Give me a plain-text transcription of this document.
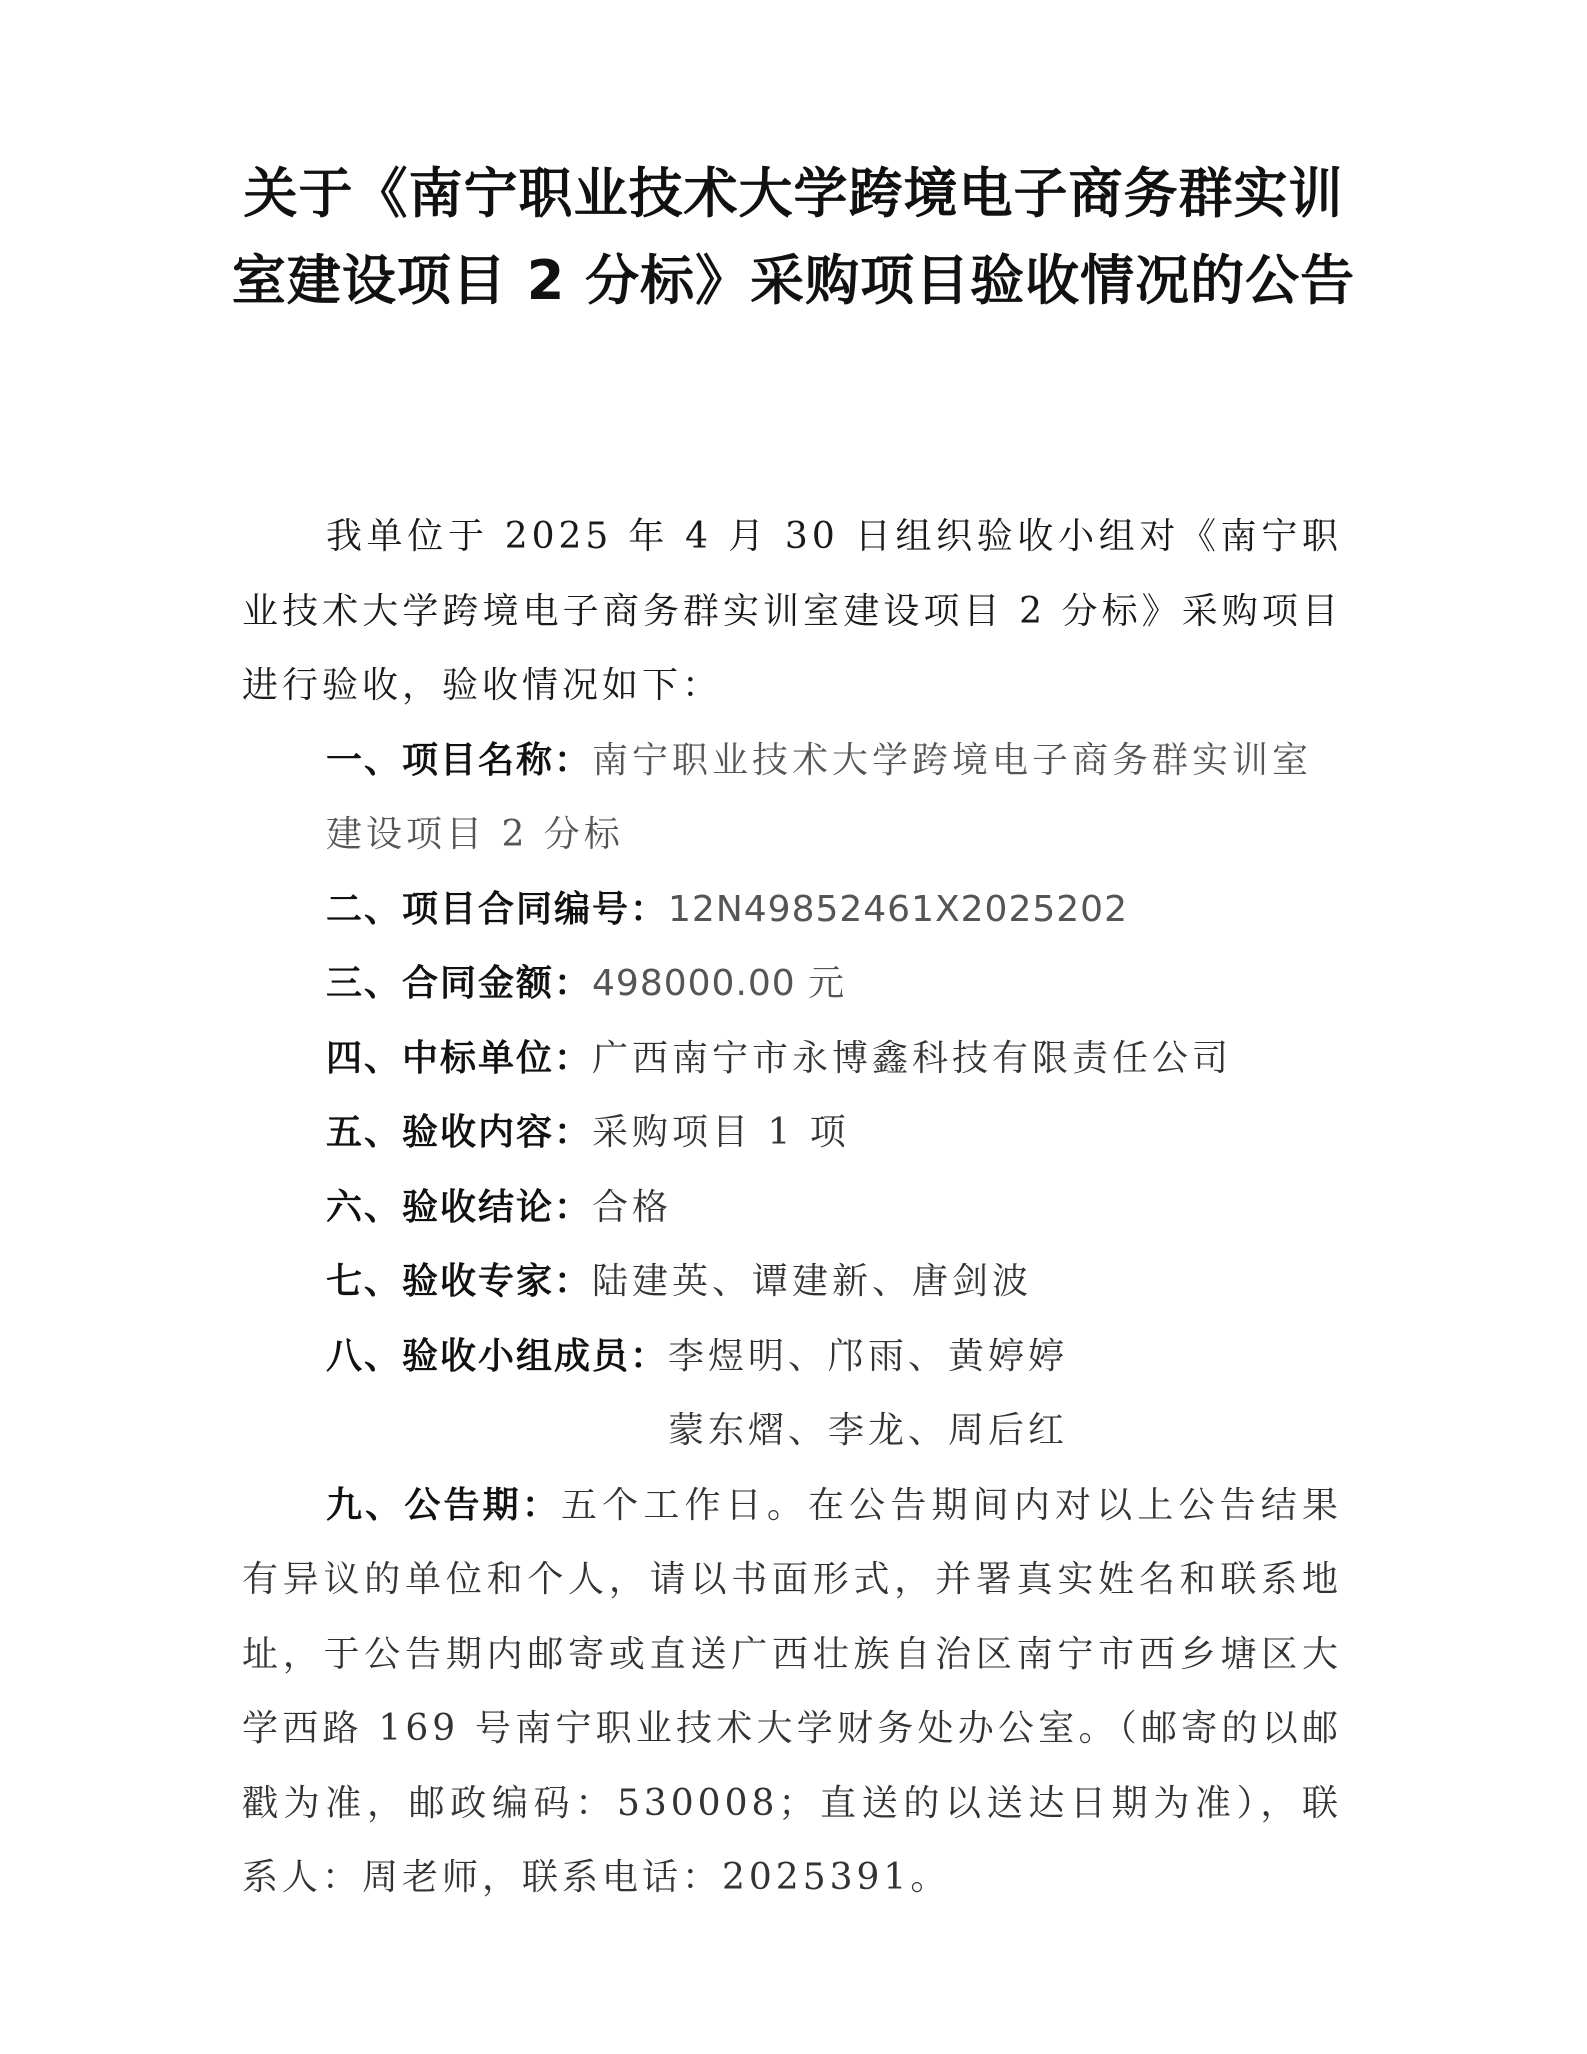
关于《南宁职业技术大学跨境电子商务群实训室建设项目 2 分标》采购项目验收情况的公告

我单位于 2025 年 4 月 30 日组织验收小组对《南宁职业技术大学跨境电子商务群实训室建设项目 2 分标》采购项目进行验收，验收情况如下：

一、项目名称：南宁职业技术大学跨境电子商务群实训室建设项目 2 分标

二、项目合同编号：12N49852461X2025202

三、合同金额：498000.00 元

四、中标单位：广西南宁市永博鑫科技有限责任公司

五、验收内容：采购项目 1 项

六、验收结论：合格

七、验收专家：陆建英、谭建新、唐剑波

八、验收小组成员： 李煜明、邝雨、黄婷婷
蒙东熠、李龙、周后红

九、公告期：五个工作日。在公告期间内对以上公告结果有异议的单位和个人，请以书面形式，并署真实姓名和联系地址，于公告期内邮寄或直送广西壮族自治区南宁市西乡塘区大学西路 169 号南宁职业技术大学财务处办公室。（邮寄的以邮戳为准，邮政编码：530008；直送的以送达日期为准），联系人：周老师，联系电话：2025391。
